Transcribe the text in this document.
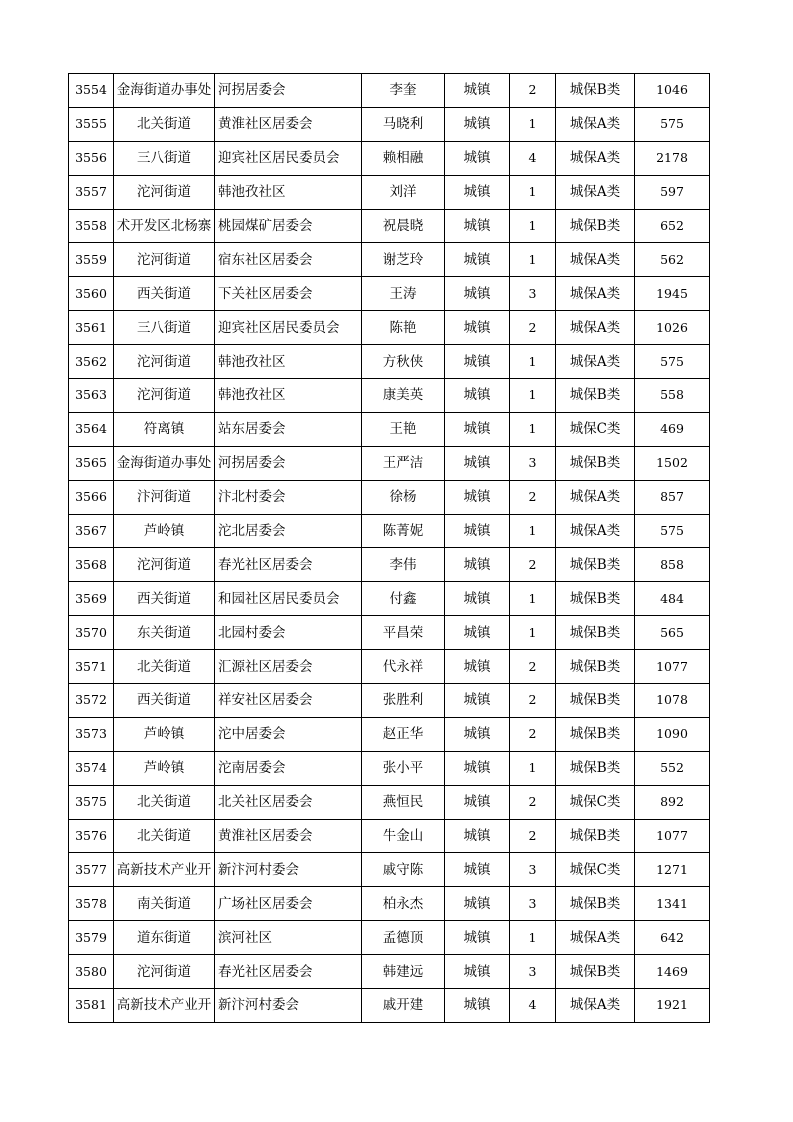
3554	金海街道办事处	河拐居委会	李奎	城镇	2	城保B类	1046
3555	北关街道	黄淮社区居委会	马晓利	城镇	1	城保A类	575
3556	三八街道	迎宾社区居民委员会	赖相融	城镇	4	城保A类	2178
3557	沱河街道	韩池孜社区	刘洋	城镇	1	城保A类	597
3558	术开发区北杨寨	桃园煤矿居委会	祝晨晓	城镇	1	城保B类	652
3559	沱河街道	宿东社区居委会	谢芝玲	城镇	1	城保A类	562
3560	西关街道	下关社区居委会	王涛	城镇	3	城保A类	1945
3561	三八街道	迎宾社区居民委员会	陈艳	城镇	2	城保A类	1026
3562	沱河街道	韩池孜社区	方秋侠	城镇	1	城保A类	575
3563	沱河街道	韩池孜社区	康美英	城镇	1	城保B类	558
3564	符离镇	站东居委会	王艳	城镇	1	城保C类	469
3565	金海街道办事处	河拐居委会	王严洁	城镇	3	城保B类	1502
3566	汴河街道	汴北村委会	徐杨	城镇	2	城保A类	857
3567	芦岭镇	沱北居委会	陈菁妮	城镇	1	城保A类	575
3568	沱河街道	春光社区居委会	李伟	城镇	2	城保B类	858
3569	西关街道	和园社区居民委员会	付鑫	城镇	1	城保B类	484
3570	东关街道	北园村委会	平昌荣	城镇	1	城保B类	565
3571	北关街道	汇源社区居委会	代永祥	城镇	2	城保B类	1077
3572	西关街道	祥安社区居委会	张胜利	城镇	2	城保B类	1078
3573	芦岭镇	沱中居委会	赵正华	城镇	2	城保B类	1090
3574	芦岭镇	沱南居委会	张小平	城镇	1	城保B类	552
3575	北关街道	北关社区居委会	燕恒民	城镇	2	城保C类	892
3576	北关街道	黄淮社区居委会	牛金山	城镇	2	城保B类	1077
3577	高新技术产业开	新汴河村委会	戚守陈	城镇	3	城保C类	1271
3578	南关街道	广场社区居委会	柏永杰	城镇	3	城保B类	1341
3579	道东街道	滨河社区	孟德顶	城镇	1	城保A类	642
3580	沱河街道	春光社区居委会	韩建远	城镇	3	城保B类	1469
3581	高新技术产业开	新汴河村委会	戚开建	城镇	4	城保A类	1921
